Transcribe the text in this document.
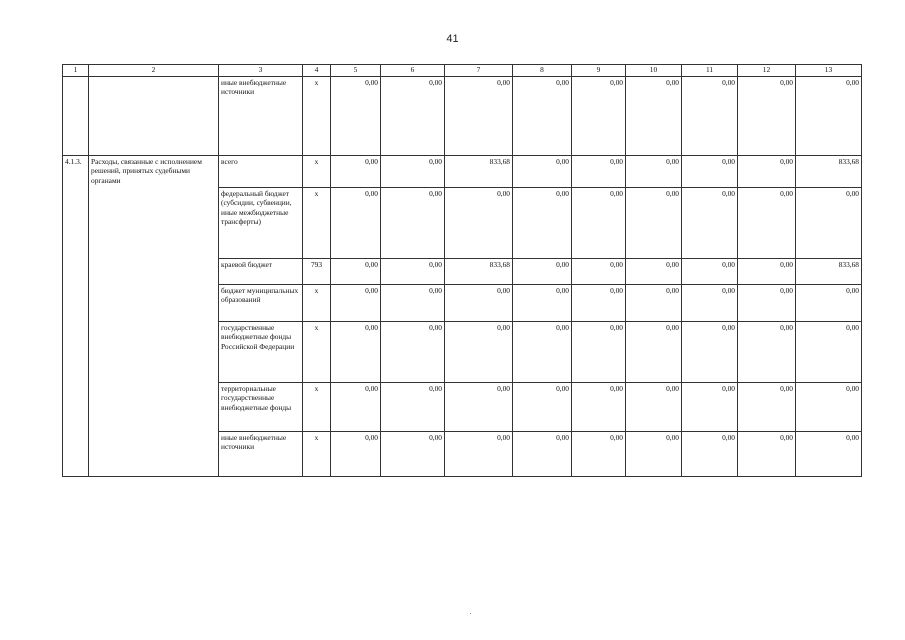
41
1	2	3	4	5	6	7	8	9	10	11	12	13
		иные внебюджетные источники	х	0,00	0,00	0,00	0,00	0,00	0,00	0,00	0,00	0,00
4.1.3.	Расходы, связанные с исполнением решений, принятых судебными органами	всего	х	0,00	0,00	833,68	0,00	0,00	0,00	0,00	0,00	833,68
		федеральный бюджет (субсидии, субвенции, иные межбюджетные трансферты)	х	0,00	0,00	0,00	0,00	0,00	0,00	0,00	0,00	0,00
		краевой бюджет	793	0,00	0,00	833,68	0,00	0,00	0,00	0,00	0,00	833,68
		бюджет муниципальных образований	х	0,00	0,00	0,00	0,00	0,00	0,00	0,00	0,00	0,00
		государственные внебюджетные фонды Российской Федерации	х	0,00	0,00	0,00	0,00	0,00	0,00	0,00	0,00	0,00
		территориальные государственные внебюджетные фонды	х	0,00	0,00	0,00	0,00	0,00	0,00	0,00	0,00	0,00
		иные внебюджетные источники	х	0,00	0,00	0,00	0,00	0,00	0,00	0,00	0,00	0,00
